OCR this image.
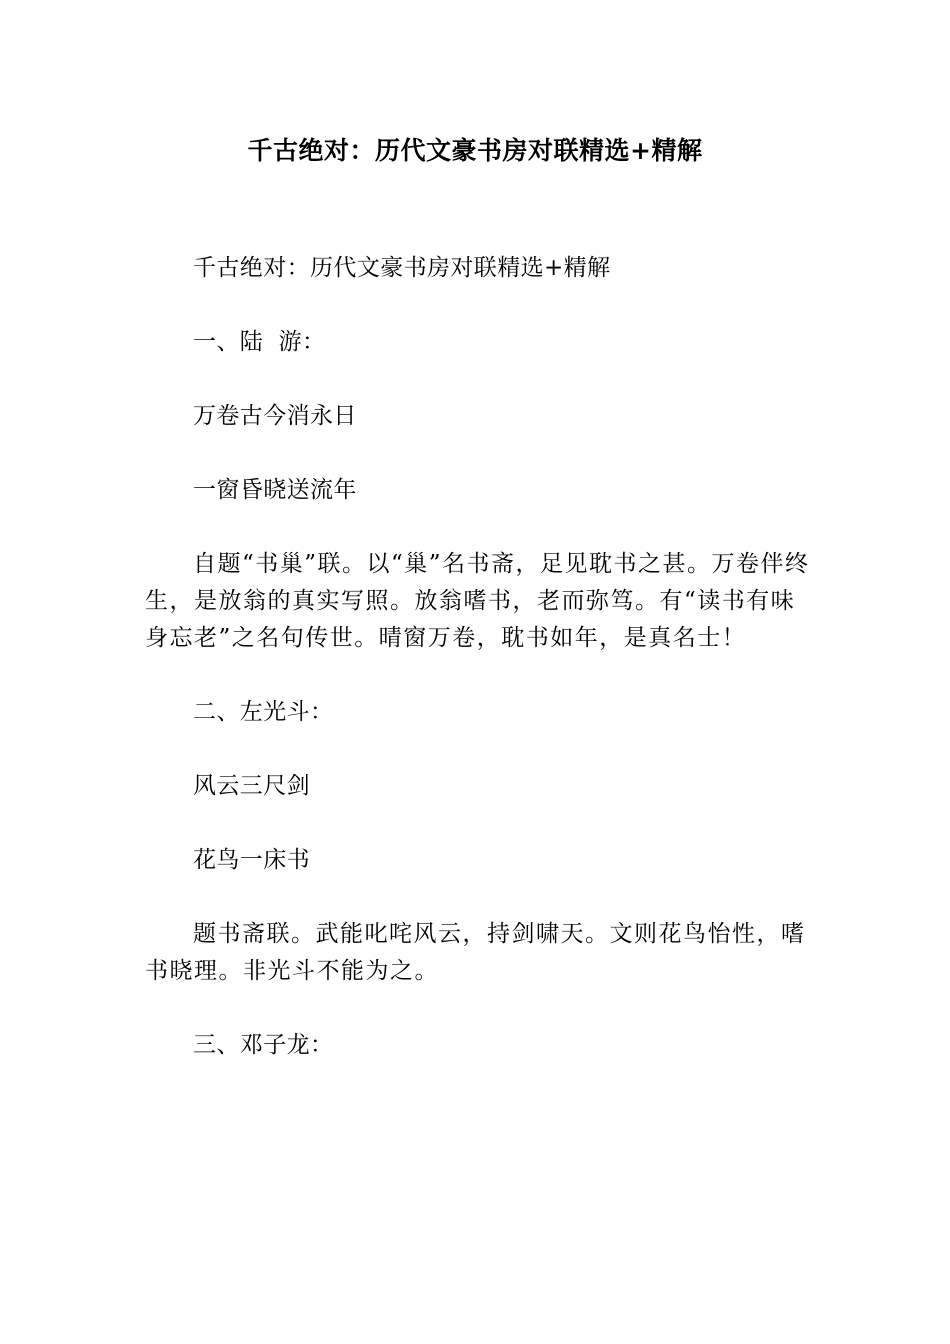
千古绝对：历代文豪书房对联精选+精解

千古绝对：历代文豪书房对联精选+精解

一、陆  游：

万卷古今消永日

一窗昏晓送流年

自题“书巢”联。以“巢”名书斋，足见耽书之甚。万卷伴终生，是放翁的真实写照。放翁嗜书，老而弥笃。有“读书有味身忘老”之名句传世。晴窗万卷，耽书如年，是真名士！

二、左光斗：

风云三尺剑

花鸟一床书

题书斋联。武能叱咤风云，持剑啸天。文则花鸟怡性，嗜书晓理。非光斗不能为之。

三、邓子龙：
